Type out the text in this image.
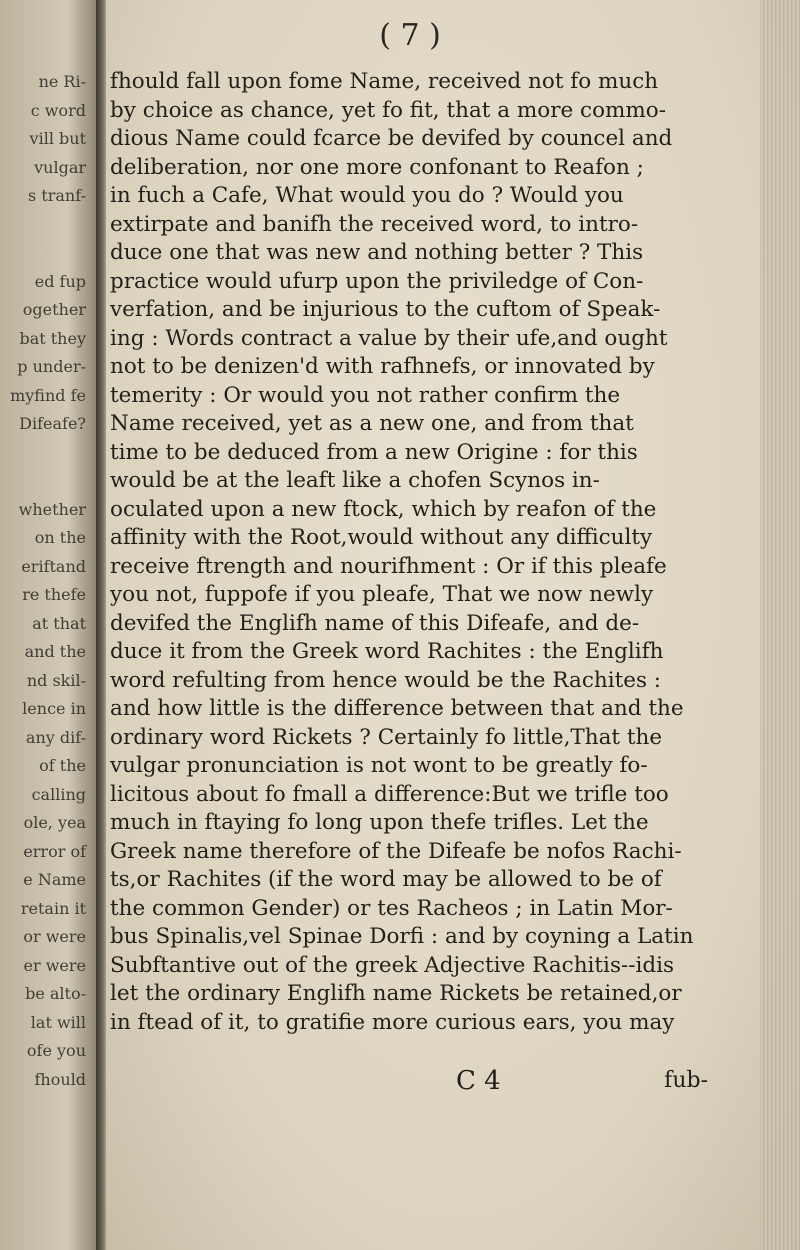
ne Ri-
c word
vill but
vulgar
s tranf-
ed fup
ogether
bat they
p under-
myfind fe
Difeafe?
whether
on the
eriftand
re thefe
at that
and the
nd skil-
lence in
any dif-
of the
calling
ole, yea
error of
e Name
retain it
or were
er were
be alto-
lat will
ofe you
fhould
( 7 )
fhould fall upon fome Name, received not fo much
by choice as chance, yet fo fit, that a more commo-
dious Name could fcarce be devifed by councel and
deliberation, nor one more confonant to Reafon ;
in fuch a Cafe, What would you do ? Would you
extirpate and banifh the received word, to intro-
duce one that was new and nothing better ? This
practice would ufurp upon the priviledge of Con-
verfation, and be injurious to the cuftom of Speak-
ing : Words contract a value by their ufe,and ought
not to be denizen'd with rafhnefs, or innovated by
temerity : Or would you not rather confirm the
Name received, yet as a new one, and from that
time to be deduced from a new Origine : for this
would be at the leaft like a chofen Scynos in-
oculated upon a new ftock, which by reafon of the
affinity with the Root,would without any difficulty
receive ftrength and nourifhment : Or if this pleafe
you not, fuppofe if you pleafe, That we now newly
devifed the Englifh name of this Difeafe, and de-
duce it from the Greek word Rachites : the Englifh
word refulting from hence would be the Rachites :
and how little is the difference between that and the
ordinary word Rickets ? Certainly fo little,That the
vulgar pronunciation is not wont to be greatly fo-
licitous about fo fmall a difference:But we trifle too
much in ftaying fo long upon thefe trifles. Let the
Greek name therefore of the Difeafe be nofos Rachi-
ts,or Rachites (if the word may be allowed to be of
the common Gender) or tes Racheos ; in Latin Mor-
bus Spinalis,vel Spinae Dorfi : and by coyning a Latin
Subftantive out of the greek Adjective Rachitis--idis
let the ordinary Englifh name Rickets be retained,or
in ftead of it, to gratifie more curious ears, you may
C 4	fub-
